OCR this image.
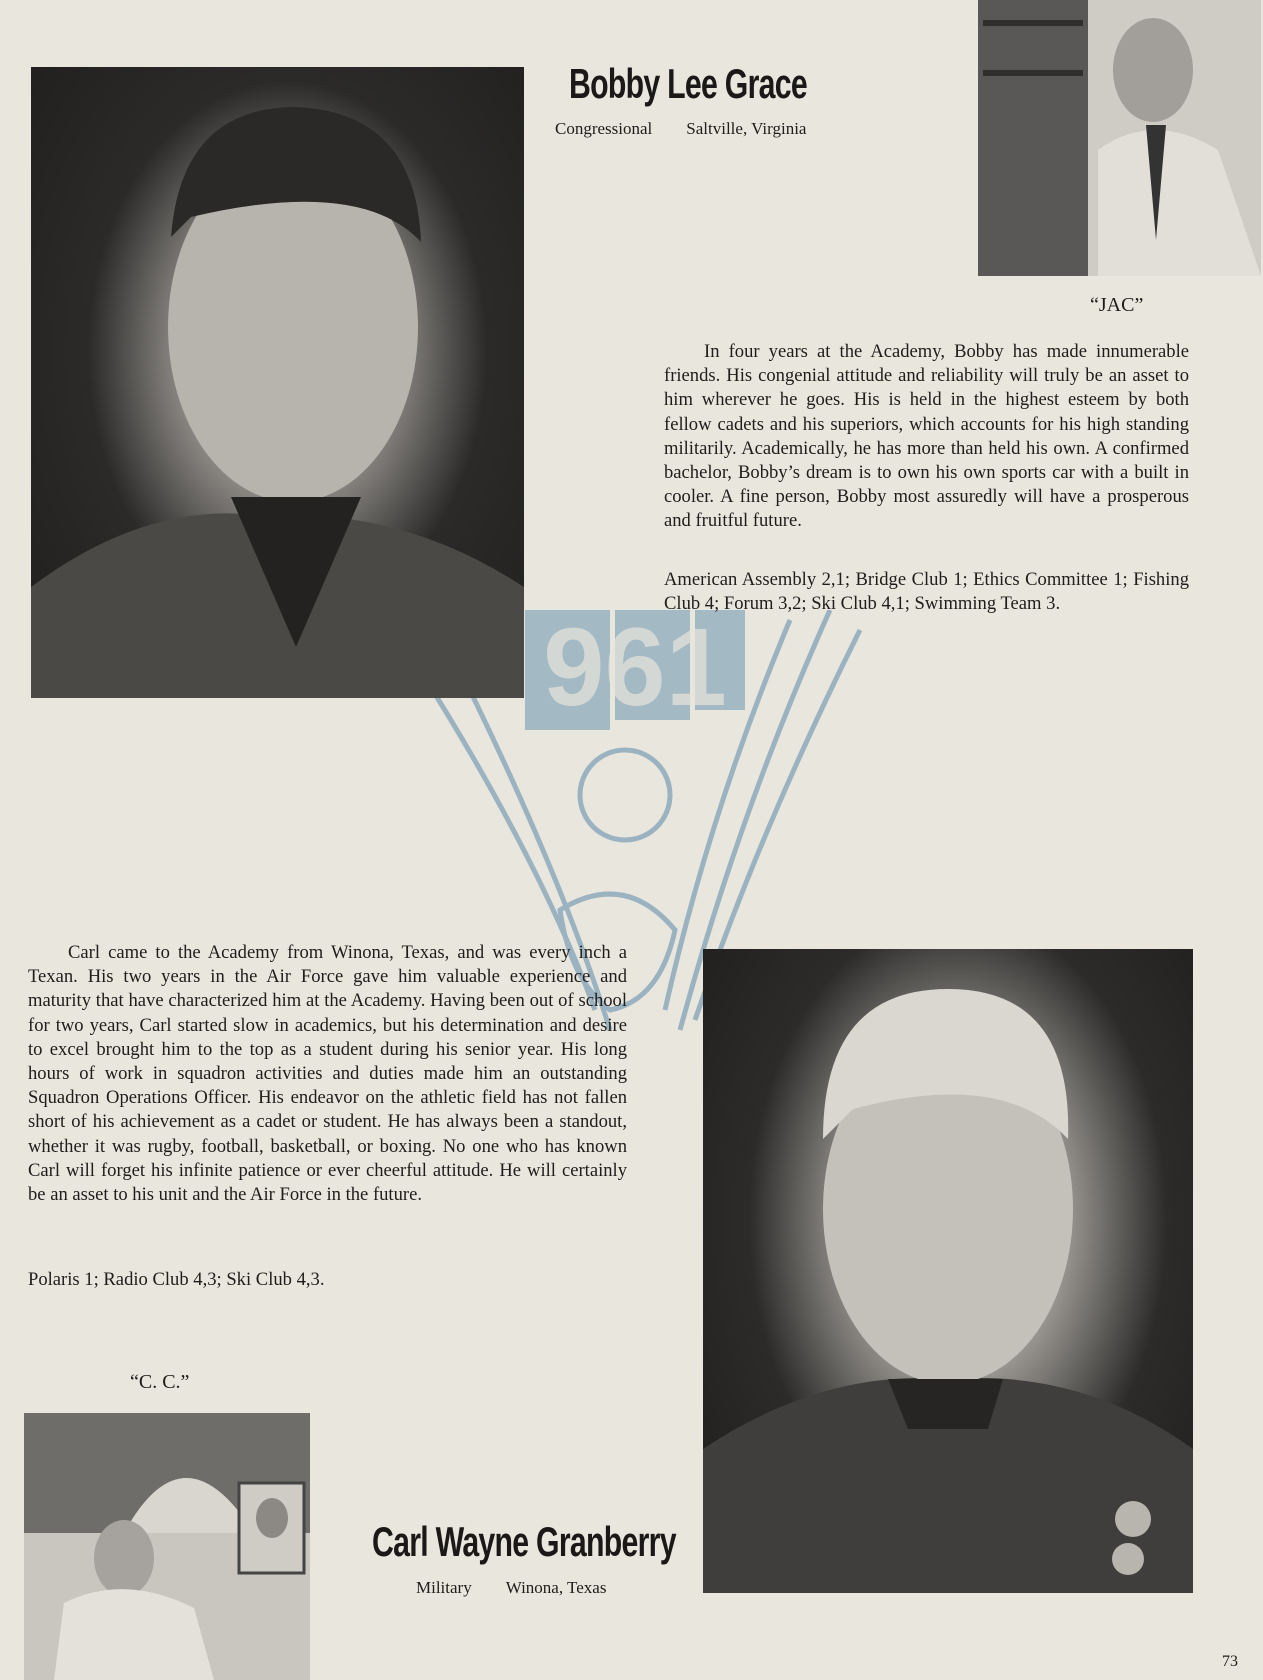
961
Bobby Lee Grace
Congressional Saltville, Virginia
“JAC”

In four years at the Academy, Bobby has made innumerable friends. His congenial attitude and reliability will truly be an asset to him wherever he goes. His is held in the highest esteem by both fellow cadets and his superiors, which accounts for his high standing militarily. Academically, he has more than held his own. A confirmed bachelor, Bobby’s dream is to own his own sports car with a built in cooler. A fine person, Bobby most assuredly will have a prosperous and fruitful future.

American Assembly 2,1; Bridge Club 1; Ethics Committee 1; Fishing Club 4; Forum 3,2; Ski Club 4,1; Swimming Team 3.

Carl came to the Academy from Winona, Texas, and was every inch a Texan. His two years in the Air Force gave him valuable experience and maturity that have characterized him at the Academy. Having been out of school for two years, Carl started slow in academics, but his determination and desire to excel brought him to the top as a student during his senior year. His long hours of work in squadron activities and duties made him an outstanding Squadron Operations Officer. His endeavor on the athletic field has not fallen short of his achievement as a cadet or student. He has always been a standout, whether it was rugby, football, basketball, or boxing. No one who has known Carl will forget his infinite patience or ever cheerful attitude. He will certainly be an asset to his unit and the Air Force in the future.

Polaris 1; Radio Club 4,3; Ski Club 4,3.

“C. C.”
Carl Wayne Granberry
Military Winona, Texas
73
